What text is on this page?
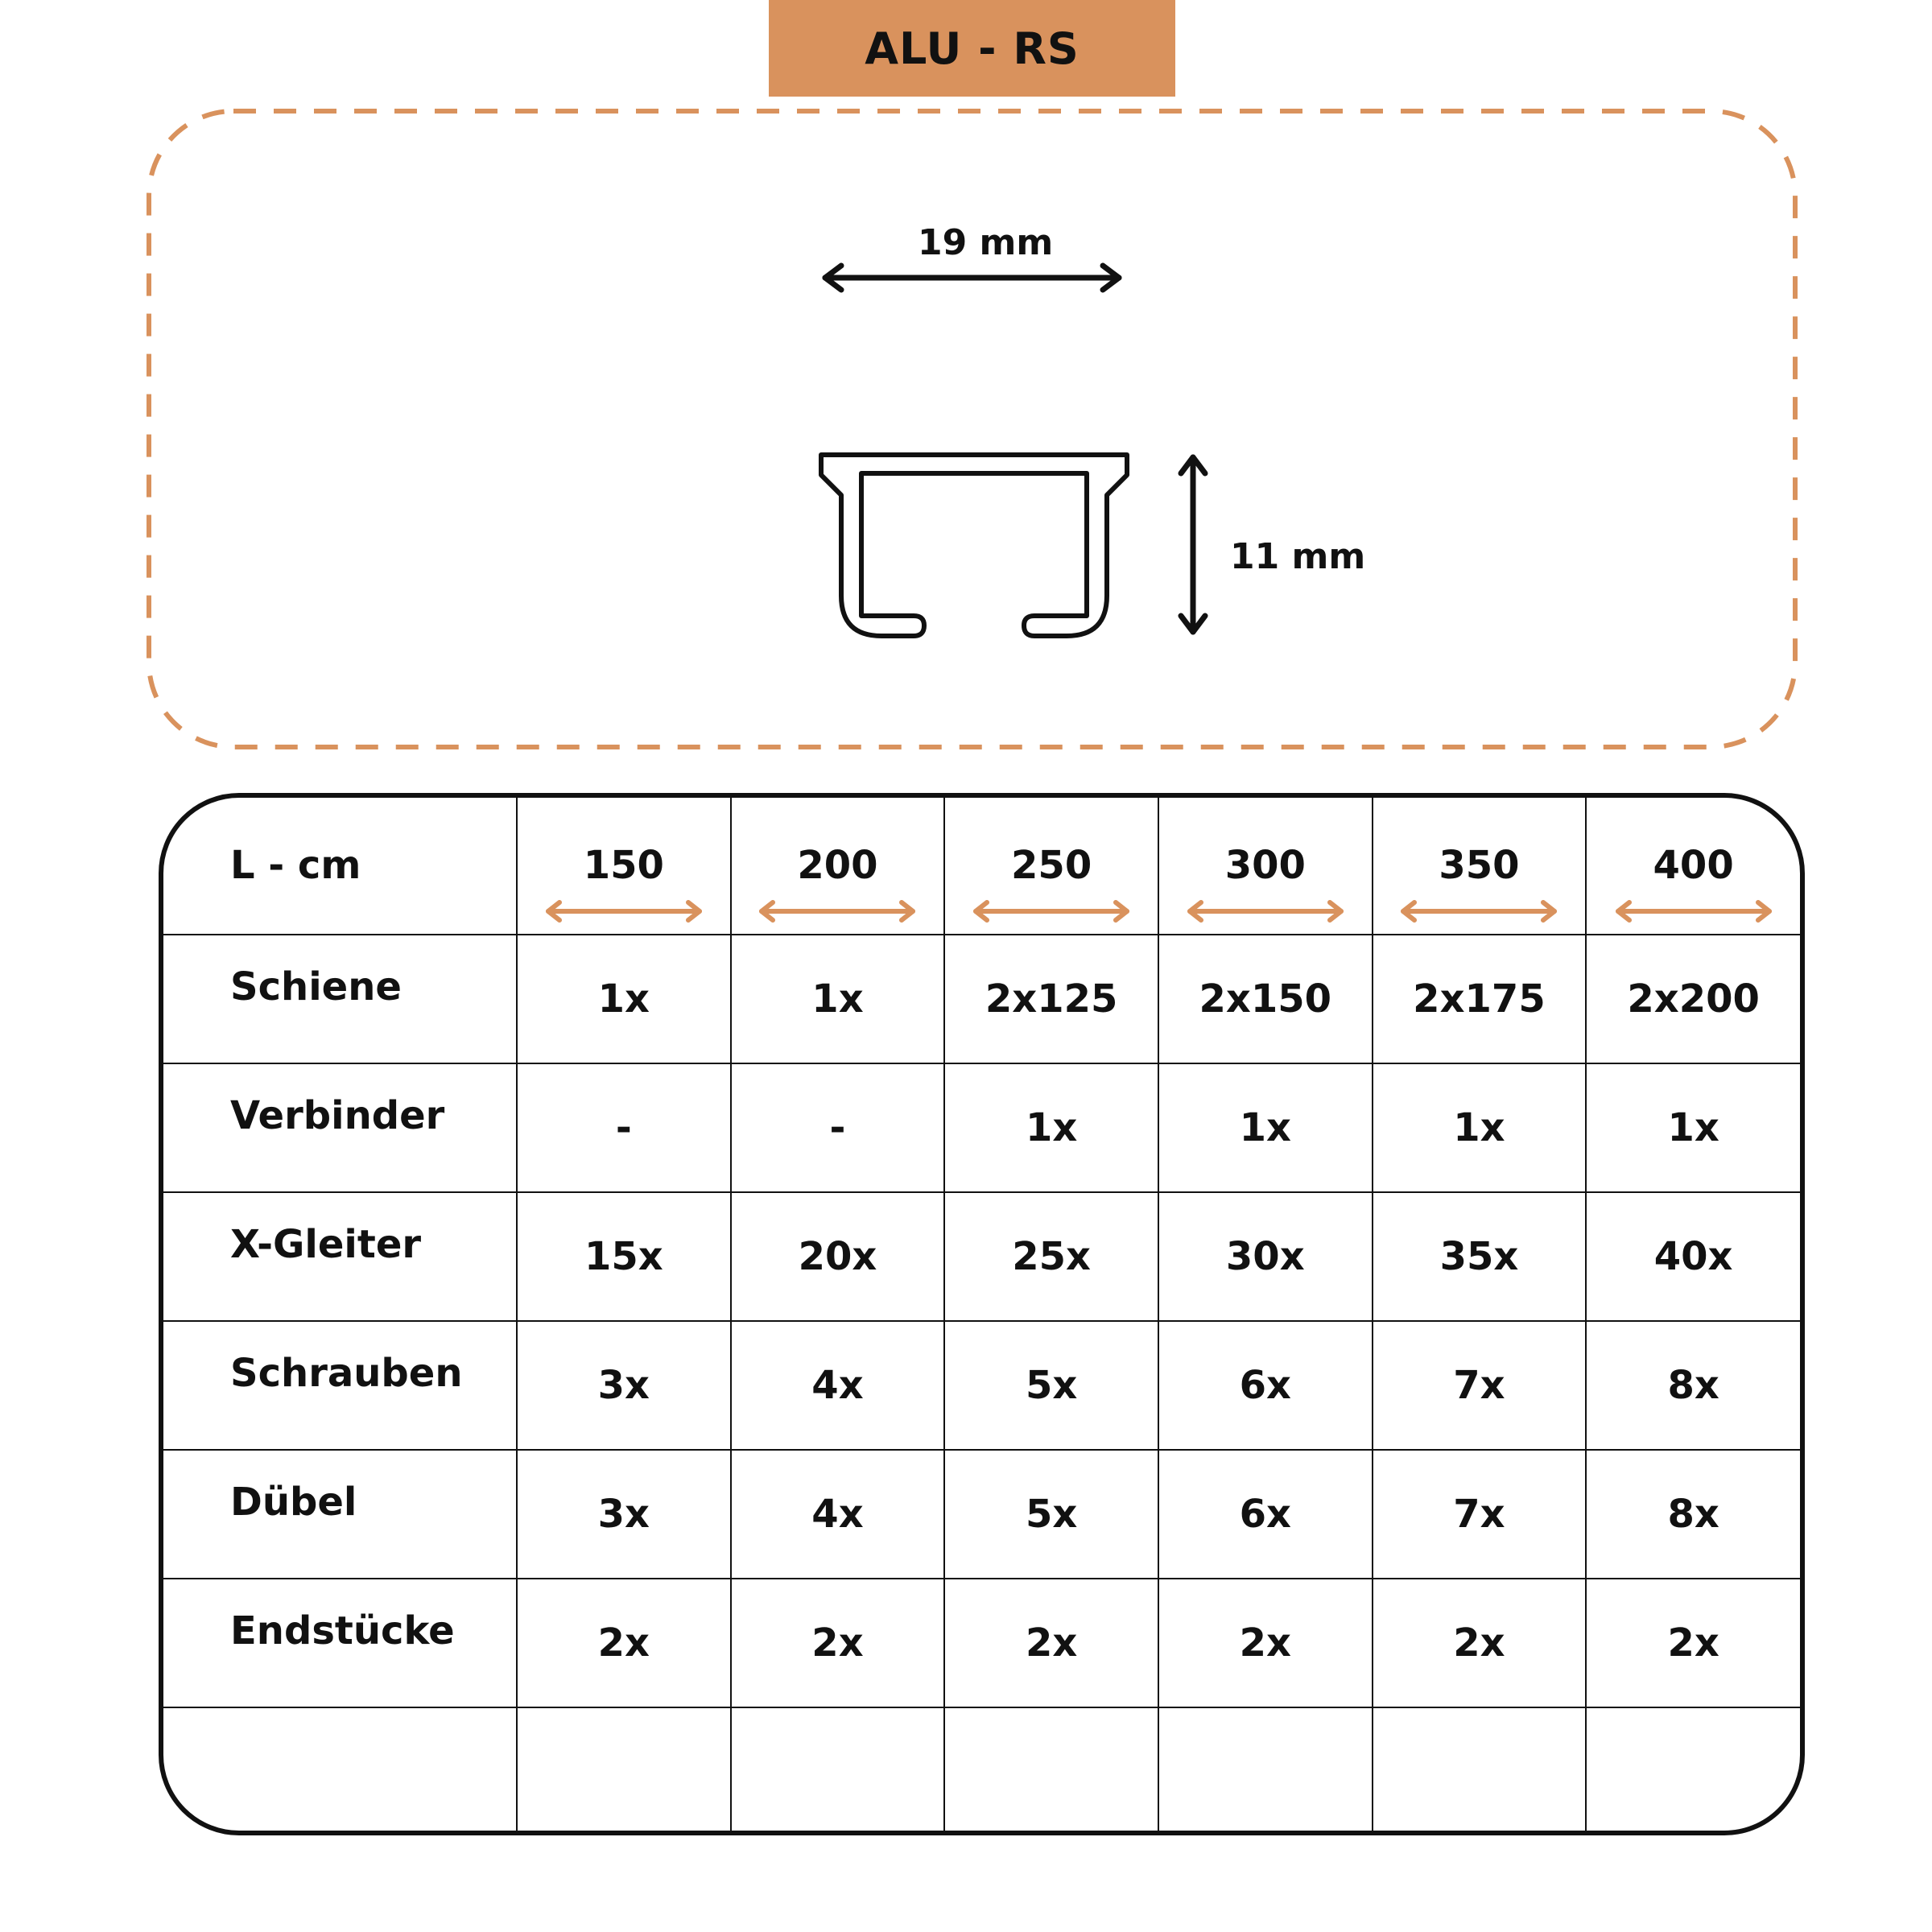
ALU - RS
19 mm
11 mm
L - cm	150	200	250	300	350	400

Schiene	1x	1x	2x125	2x150	2x175	2x200
Verbinder	-	-	1x	1x	1x	1x
X-Gleiter	15x	20x	25x	30x	35x	40x
Schrauben	3x	4x	5x	6x	7x	8x
Dübel	3x	4x	5x	6x	7x	8x
Endstücke	2x	2x	2x	2x	2x	2x
